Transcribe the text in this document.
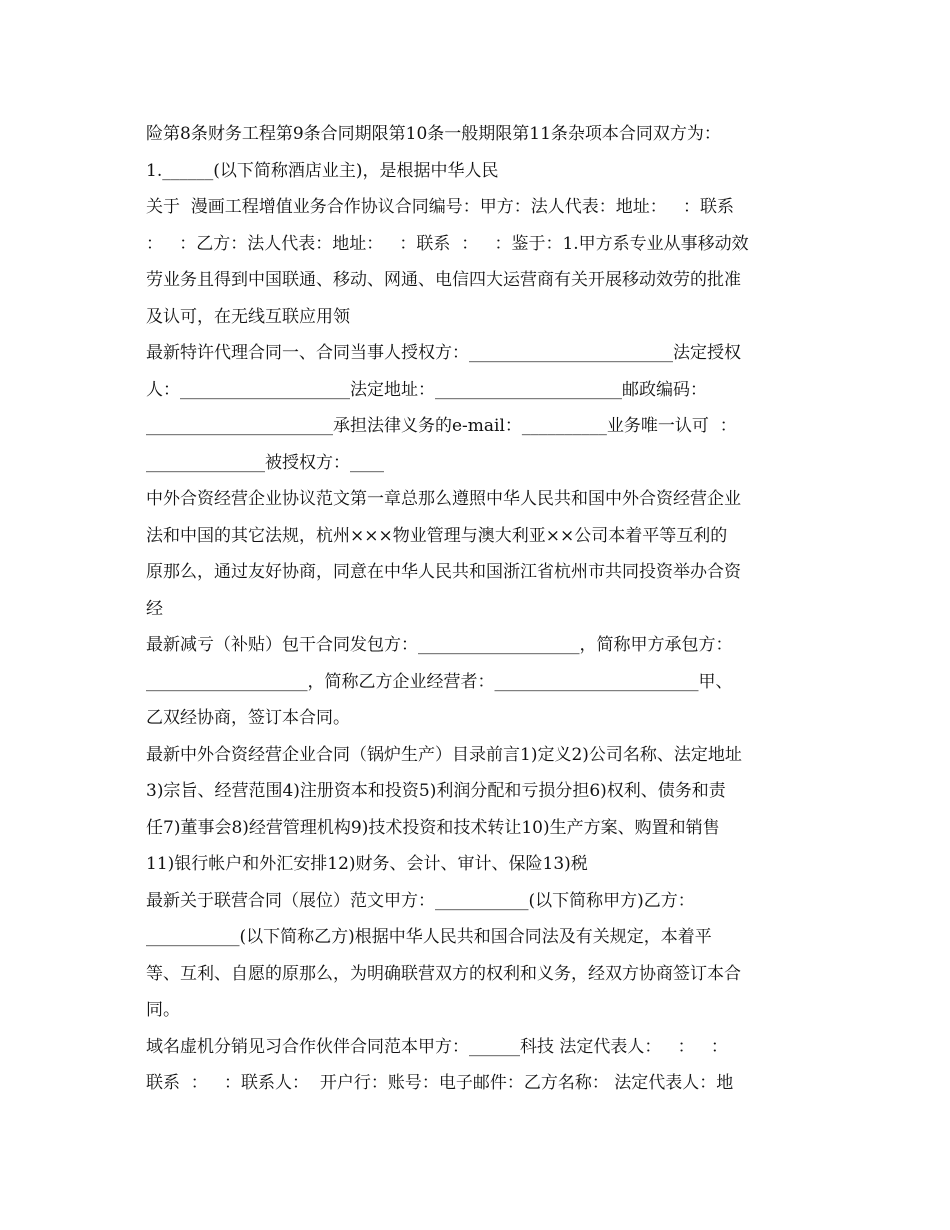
险第8条财务工程第9条合同期限第10条一般期限第11条杂项本合同双方为：
1.______(以下简称酒店业主)，是根据中华人民
关于  漫画工程增值业务合作协议合同编号：甲方：法人代表：地址：   ：联系
：   ：乙方：法人代表：地址：   ：联系  ：   ：鉴于：1.甲方系专业从事移动效
劳业务且得到中国联通、移动、网通、电信四大运营商有关开展移动效劳的批准
及认可，在无线互联应用领
最新特许代理合同一、合同当事人授权方：________________________法定授权
人：____________________法定地址：______________________邮政编码：
______________________承担法律义务的e-mail：__________业务唯一认可  ：
______________被授权方：____
中外合资经营企业协议范文第一章总那么遵照中华人民共和国中外合资经营企业
法和中国的其它法规，杭州×××物业管理与澳大利亚××公司本着平等互利的
原那么，通过友好协商，同意在中华人民共和国浙江省杭州市共同投资举办合资
经
最新减亏（补贴）包干合同发包方：___________________，简称甲方承包方：
___________________，简称乙方企业经营者：________________________甲、
乙双经协商，签订本合同。
最新中外合资经营企业合同（锅炉生产）目录前言1)定义2)公司名称、法定地址
3)宗旨、经营范围4)注册资本和投资5)利润分配和亏损分担6)权利、债务和责
任7)董事会8)经营管理机构9)技术投资和技术转让10)生产方案、购置和销售
11)银行帐户和外汇安排12)财务、会计、审计、保险13)税
最新关于联营合同（展位）范文甲方：___________(以下简称甲方)乙方：
___________(以下简称乙方)根据中华人民共和国合同法及有关规定，本着平
等、互利、自愿的原那么，为明确联营双方的权利和义务，经双方协商签订本合
同。
域名虚机分销见习合作伙伴合同范本甲方：______科技 法定代表人：   ：   ：
联系  ：   ：联系人：  开户行：账号：电子邮件：乙方名称： 法定代表人：地
